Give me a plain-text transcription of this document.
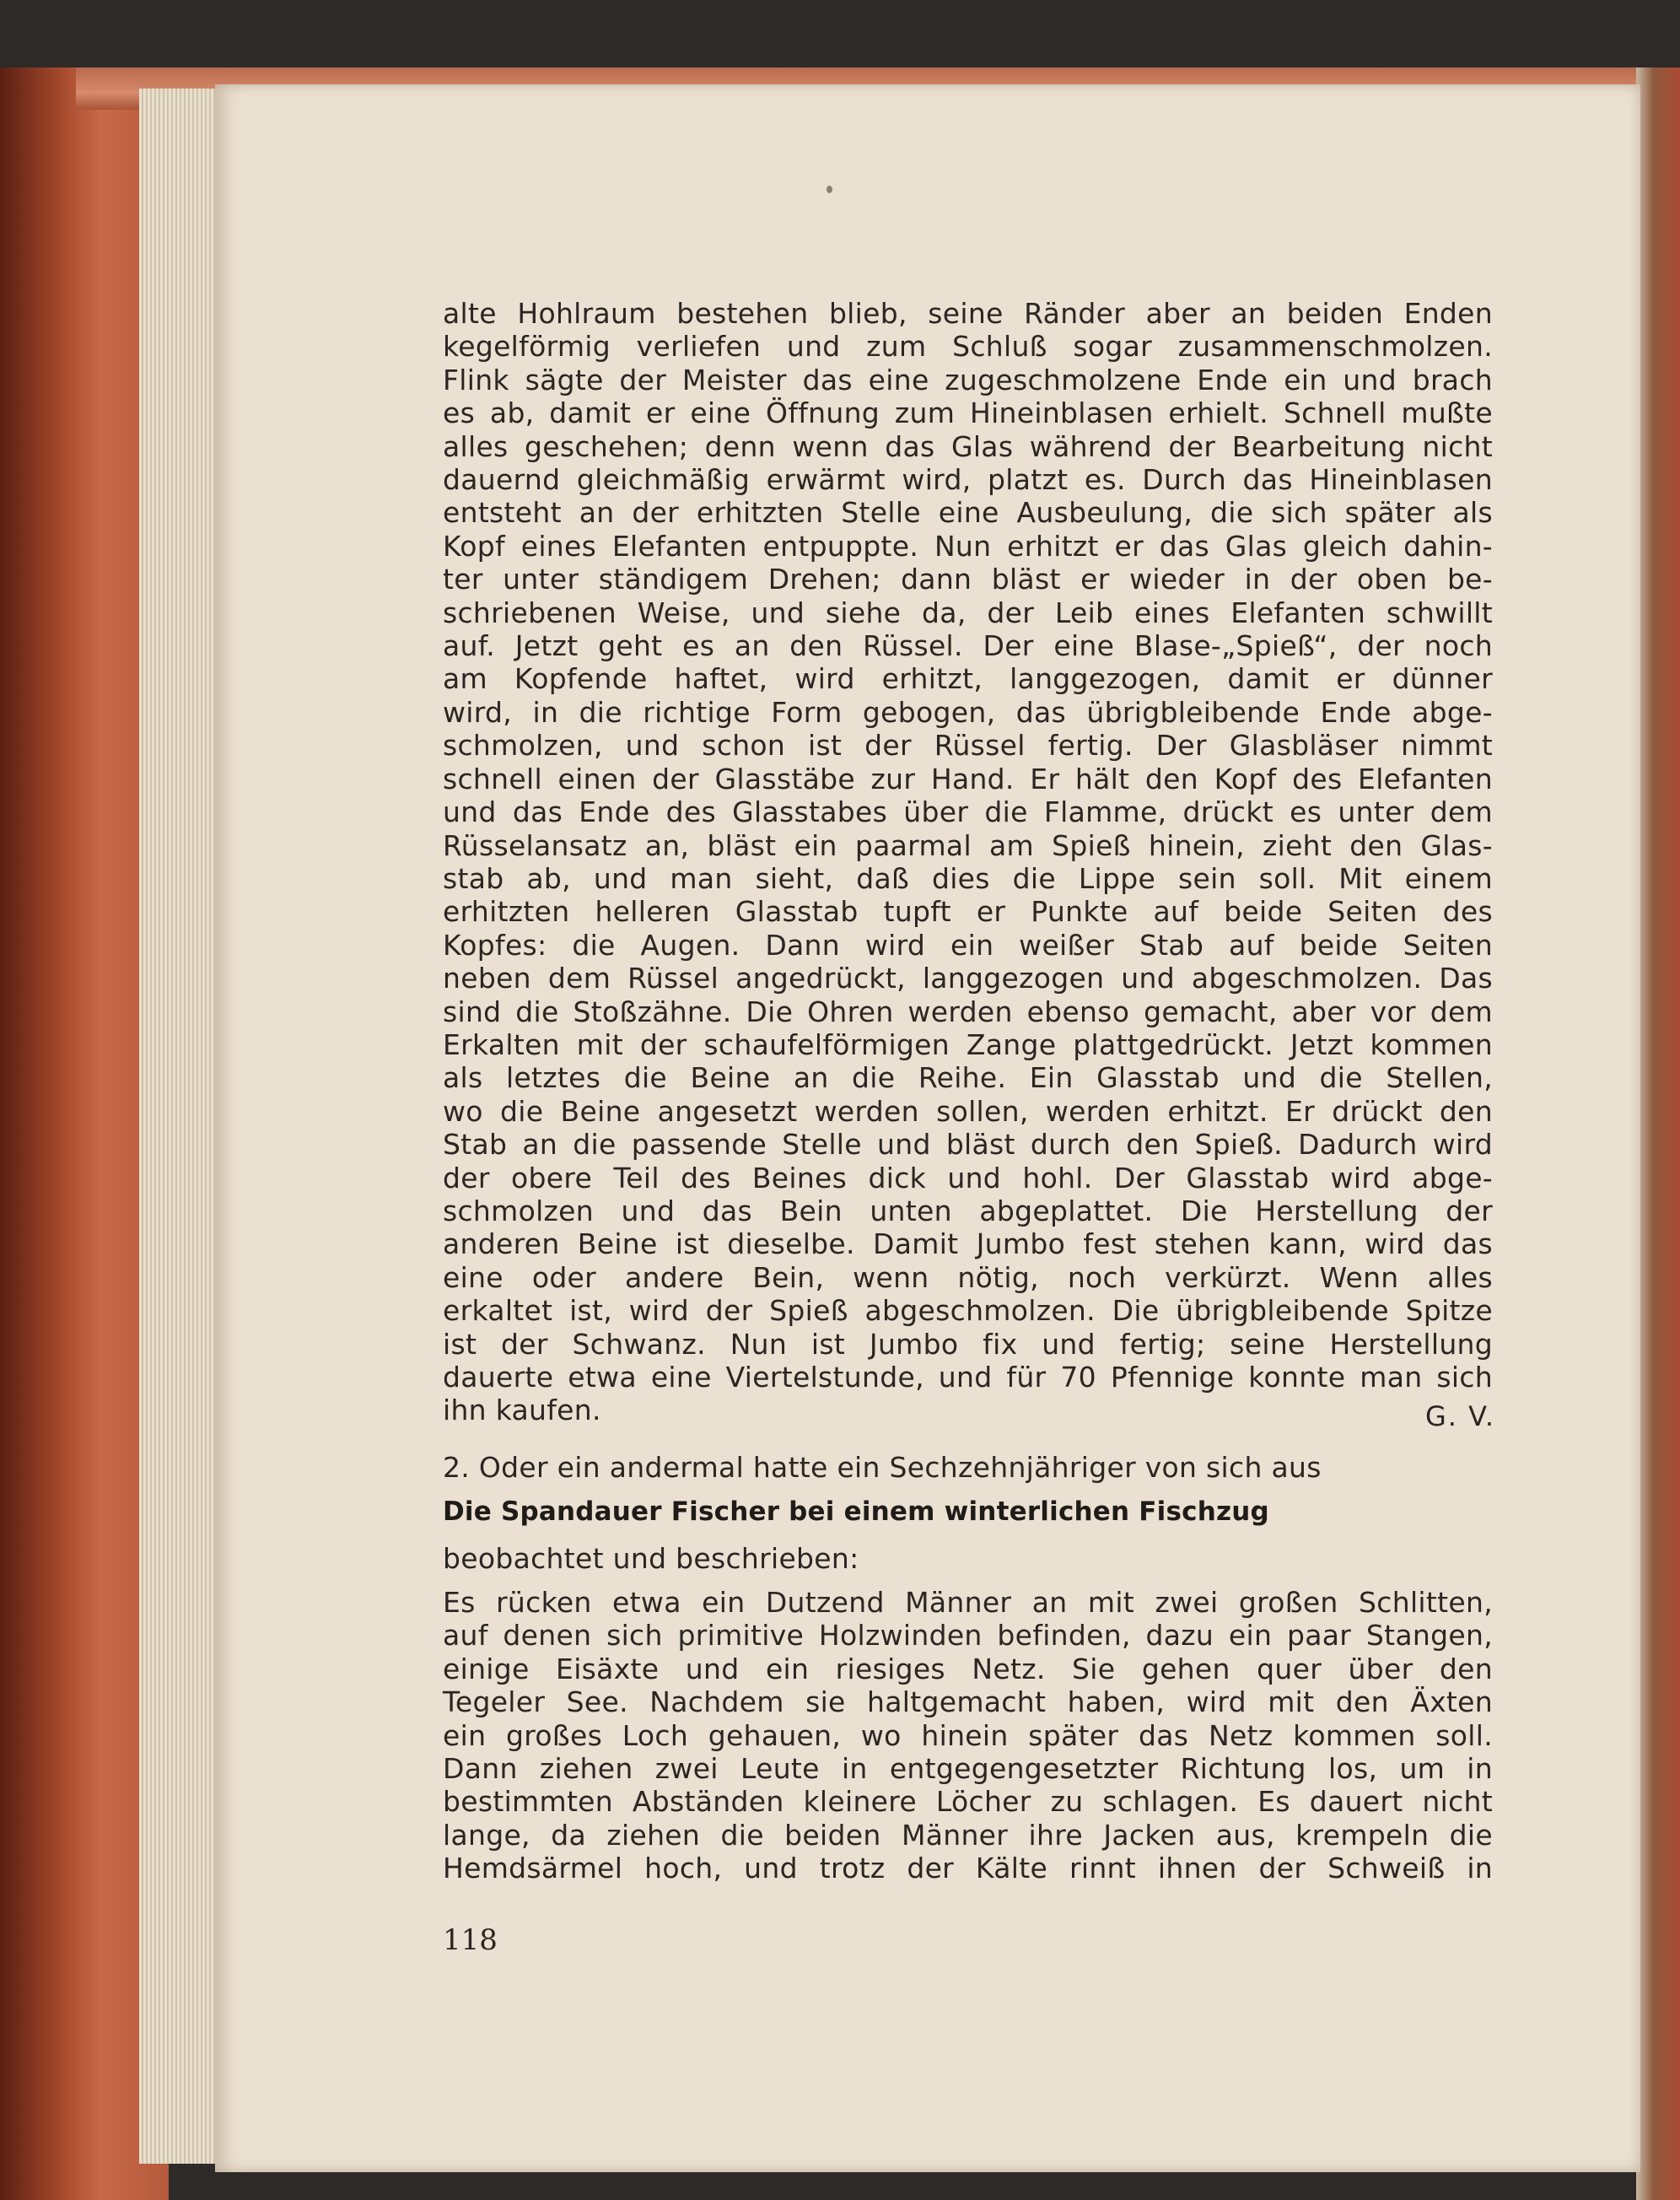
alte Hohlraum bestehen blieb, seine Ränder aber an beiden Enden

kegelförmig verliefen und zum Schluß sogar zusammenschmolzen.

Flink sägte der Meister das eine zugeschmolzene Ende ein und brach

es ab, damit er eine Öffnung zum Hineinblasen erhielt. Schnell mußte

alles geschehen; denn wenn das Glas während der Bearbeitung nicht

dauernd gleichmäßig erwärmt wird, platzt es. Durch das Hineinblasen

entsteht an der erhitzten Stelle eine Ausbeulung, die sich später als

Kopf eines Elefanten entpuppte. Nun erhitzt er das Glas gleich dahin-

ter unter ständigem Drehen; dann bläst er wieder in der oben be-

schriebenen Weise, und siehe da, der Leib eines Elefanten schwillt

auf. Jetzt geht es an den Rüssel. Der eine Blase-„Spieß“, der noch

am Kopfende haftet, wird erhitzt, langgezogen, damit er dünner

wird, in die richtige Form gebogen, das übrigbleibende Ende abge-

schmolzen, und schon ist der Rüssel fertig. Der Glasbläser nimmt

schnell einen der Glasstäbe zur Hand. Er hält den Kopf des Elefanten

und das Ende des Glasstabes über die Flamme, drückt es unter dem

Rüsselansatz an, bläst ein paarmal am Spieß hinein, zieht den Glas-

stab ab, und man sieht, daß dies die Lippe sein soll. Mit einem

erhitzten helleren Glasstab tupft er Punkte auf beide Seiten des

Kopfes: die Augen. Dann wird ein weißer Stab auf beide Seiten

neben dem Rüssel angedrückt, langgezogen und abgeschmolzen. Das

sind die Stoßzähne. Die Ohren werden ebenso gemacht, aber vor dem

Erkalten mit der schaufelförmigen Zange plattgedrückt. Jetzt kommen

als letztes die Beine an die Reihe. Ein Glasstab und die Stellen,

wo die Beine angesetzt werden sollen, werden erhitzt. Er drückt den

Stab an die passende Stelle und bläst durch den Spieß. Dadurch wird

der obere Teil des Beines dick und hohl. Der Glasstab wird abge-

schmolzen und das Bein unten abgeplattet. Die Herstellung der

anderen Beine ist dieselbe. Damit Jumbo fest stehen kann, wird das

eine oder andere Bein, wenn nötig, noch verkürzt. Wenn alles

erkaltet ist, wird der Spieß abgeschmolzen. Die übrigbleibende Spitze

ist der Schwanz. Nun ist Jumbo fix und fertig; seine Herstellung

dauerte etwa eine Viertelstunde, und für 70 Pfennige konnte man sich

ihn kaufen.	G. V.

2. Oder ein andermal hatte ein Sechzehnjähriger von sich aus

Die Spandauer Fischer bei einem winterlichen Fischzug

beobachtet und beschrieben:

Es rücken etwa ein Dutzend Männer an mit zwei großen Schlitten,

auf denen sich primitive Holzwinden befinden, dazu ein paar Stangen,

einige Eisäxte und ein riesiges Netz. Sie gehen quer über den

Tegeler See. Nachdem sie haltgemacht haben, wird mit den Äxten

ein großes Loch gehauen, wo hinein später das Netz kommen soll.

Dann ziehen zwei Leute in entgegengesetzter Richtung los, um in

bestimmten Abständen kleinere Löcher zu schlagen. Es dauert nicht

lange, da ziehen die beiden Männer ihre Jacken aus, krempeln die

Hemdsärmel hoch, und trotz der Kälte rinnt ihnen der Schweiß in

118
